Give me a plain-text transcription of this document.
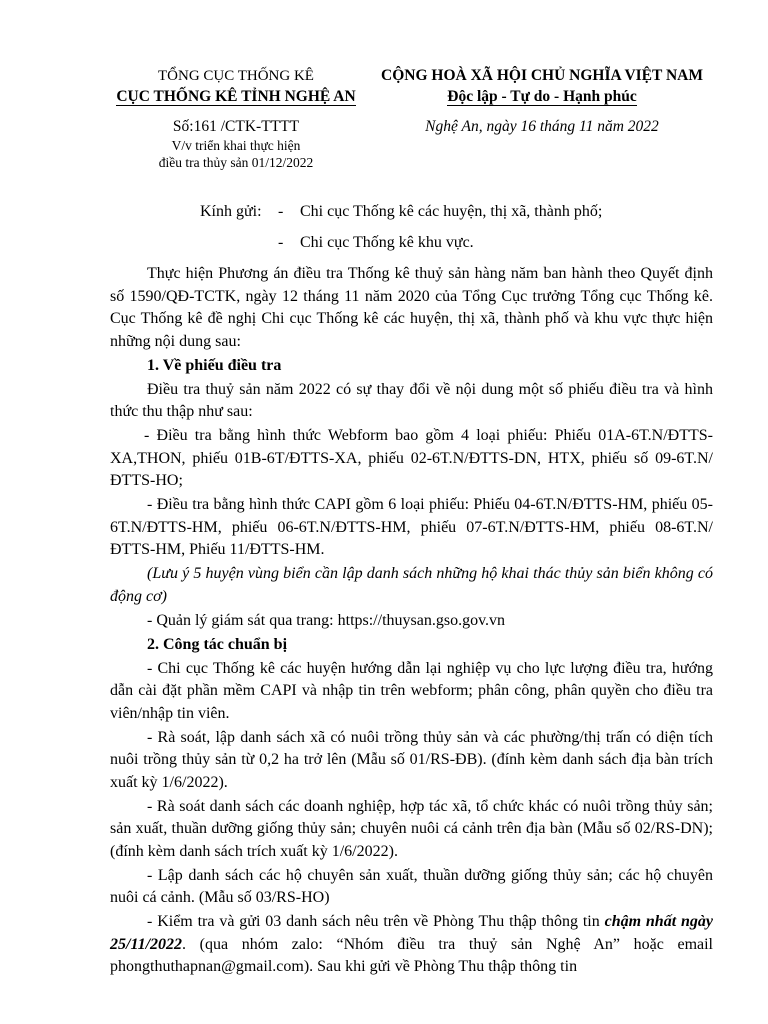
TỔNG CỤC THỐNG KÊ
CỤC THỐNG KÊ TỈNH NGHỆ AN
Số:161 /CTK-TTTT
V/v triển khai thực hiện
điều tra thủy sản 01/12/2022
CỘNG HOÀ XÃ HỘI CHỦ NGHĨA VIỆT NAM
Độc lập - Tự do - Hạnh phúc
Nghệ An, ngày 16 tháng 11 năm 2022
Kính gửi: - Chi cục Thống kê các huyện, thị xã, thành phố;
- Chi cục Thống kê khu vực.

Thực hiện Phương án điều tra Thống kê thuỷ sản hàng năm ban hành theo Quyết định số 1590/QĐ-TCTK, ngày 12 tháng 11 năm 2020 của Tổng Cục trưởng Tổng cục Thống kê. Cục Thống kê đề nghị Chi cục Thống kê các huyện, thị xã, thành phố và khu vực thực hiện những nội dung sau:

1. Về phiếu điều tra

Điều tra thuỷ sản năm 2022 có sự thay đổi về nội dung một số phiếu điều tra và hình thức thu thập như sau:

- Điều tra bằng hình thức Webform bao gồm 4 loại phiếu: Phiếu 01A-6T.N/ĐTTS-XA,THON, phiếu 01B-6T/ĐTTS-XA, phiếu 02-6T.N/ĐTTS-DN, HTX, phiếu số 09-6T.N/ĐTTS-HO;

- Điều tra bằng hình thức CAPI gồm 6 loại phiếu: Phiếu 04-6T.N/ĐTTS-HM, phiếu 05-6T.N/ĐTTS-HM, phiếu 06-6T.N/ĐTTS-HM, phiếu 07-6T.N/ĐTTS-HM, phiếu 08-6T.N/ĐTTS-HM, Phiếu 11/ĐTTS-HM.

(Lưu ý 5 huyện vùng biển cần lập danh sách những hộ khai thác thủy sản biển không có động cơ)

- Quản lý giám sát qua trang: https://thuysan.gso.gov.vn

2. Công tác chuẩn bị

- Chi cục Thống kê các huyện hướng dẫn lại nghiệp vụ cho lực lượng điều tra, hướng dẫn cài đặt phần mềm CAPI và nhập tin trên webform; phân công, phân quyền cho điều tra viên/nhập tin viên.

- Rà soát, lập danh sách xã có nuôi trồng thủy sản và các phường/thị trấn có diện tích nuôi trồng thủy sản từ 0,2 ha trở lên (Mẫu số 01/RS-ĐB). (đính kèm danh sách địa bàn trích xuất kỳ 1/6/2022).

- Rà soát danh sách các doanh nghiệp, hợp tác xã, tổ chức khác có nuôi trồng thủy sản; sản xuất, thuần dưỡng giống thủy sản; chuyên nuôi cá cảnh trên địa bàn (Mẫu số 02/RS-DN); (đính kèm danh sách trích xuất kỳ 1/6/2022).

- Lập danh sách các hộ chuyên sản xuất, thuần dưỡng giống thủy sản; các hộ chuyên nuôi cá cảnh. (Mẫu số 03/RS-HO)

- Kiểm tra và gửi 03 danh sách nêu trên về Phòng Thu thập thông tin chậm nhất ngày 25/11/2022. (qua nhóm zalo: “Nhóm điều tra thuỷ sản Nghệ An” hoặc email phongthuthapnan@gmail.com). Sau khi gửi về Phòng Thu thập thông tin
